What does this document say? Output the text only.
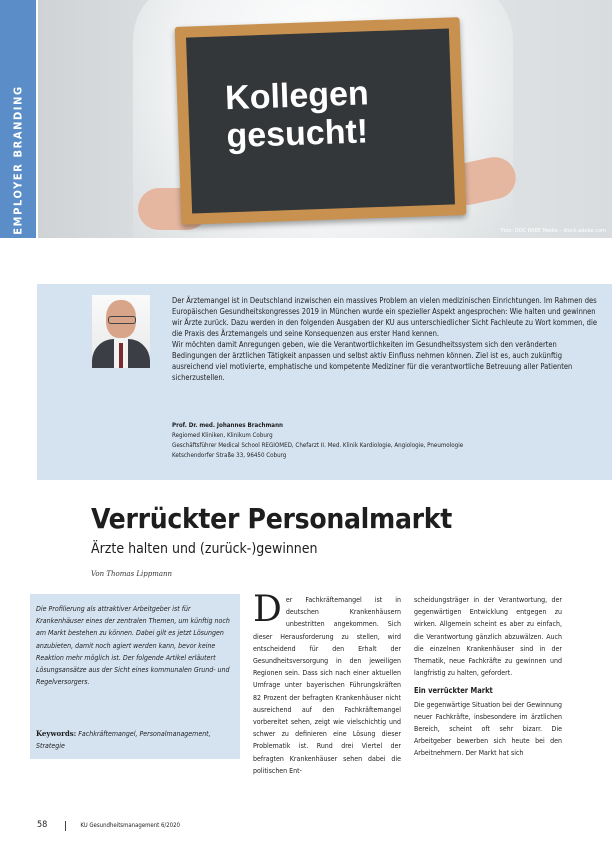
EMPLOYER BRANDING	Kollegen
gesucht!
Foto: DOC RABE Media – stock.adobe.com

Der Ärztemangel ist in Deutschland inzwischen ein massives Problem an vielen medizinischen Einrichtungen. Im Rahmen des Europäischen Gesundheitskongresses 2019 in München wurde ein spezieller Aspekt angesprochen: Wie halten und gewinnen wir Ärzte zurück. Dazu werden in den folgenden Ausgaben der KU aus unterschiedlicher Sicht Fachleute zu Wort kommen, die die Praxis des Ärztemangels und seine Konsequenzen aus erster Hand kennen.

Wir möchten damit Anregungen geben, wie die Verantwortlichkeiten im Gesundheitssystem sich den veränderten Bedingungen der ärztlichen Tätigkeit anpassen und selbst aktiv Einfluss nehmen können. Ziel ist es, auch zukünftig ausreichend viel motivierte, emphatische und kompetente Mediziner für die verantwortliche Betreuung aller Patienten sicherzustellen.

Prof. Dr. med. Johannes Brachmann
Regiomed Kliniken, Klinikum Coburg
Geschäftsführer Medical School REGIOMED, Chefarzt II. Med. Klinik Kardiologie, Angiologie, Pneumologie
Ketschendorfer Straße 33, 96450 Coburg
Verrückter Personalmarkt
Ärzte halten und (zurück-)gewinnen
Von Thomas Lippmann
Die Profilierung als attraktiver Arbeitgeber ist für Krankenhäuser eines der zentralen Themen, um künftig noch am Markt bestehen zu können. Dabei gilt es jetzt Lösungen anzubieten, damit noch agiert werden kann, bevor keine Reaktion mehr möglich ist. Der folgende Artikel erläutert Lösungsansätze aus der Sicht eines kommunalen Grund- und Regelversorgers.
Keywords: Fachkräftemangel, Personalmanagement, Strategie
D er Fachkräftemangel ist in deutschen Krankenhäusern unbestritten angekommen. Sich dieser Herausforderung zu stellen, wird entscheidend für den Erhalt der Gesundheitsversorgung in den jeweiligen Regionen sein. Dass sich nach einer aktuellen Umfrage unter bayerischen Führungskräften 82 Prozent der befragten Krankenhäuser nicht ausreichend auf den Fachkräftemangel vorbereitet sehen, zeigt wie vielschichtig und schwer zu definieren eine Lösung dieser Problematik ist. Rund drei Viertel der befragten Krankenhäuser sehen dabei die politischen Ent-

scheidungsträger in der Verantwortung, der gegenwärtigen Entwicklung entgegen zu wirken. Allgemein scheint es aber zu einfach, die Verantwortung gänzlich abzuwälzen. Auch die einzelnen Krankenhäuser sind in der Thematik, neue Fachkräfte zu gewinnen und langfristig zu halten, gefordert.

Ein verrückter Markt

Die gegenwärtige Situation bei der Gewinnung neuer Fachkräfte, insbesondere im ärztlichen Bereich, scheint oft sehr bizarr. Die Arbeitgeber bewerben sich heute bei den Arbeitnehmern. Der Markt hat sich

58	KU Gesundheitsmanagement 6/2020
